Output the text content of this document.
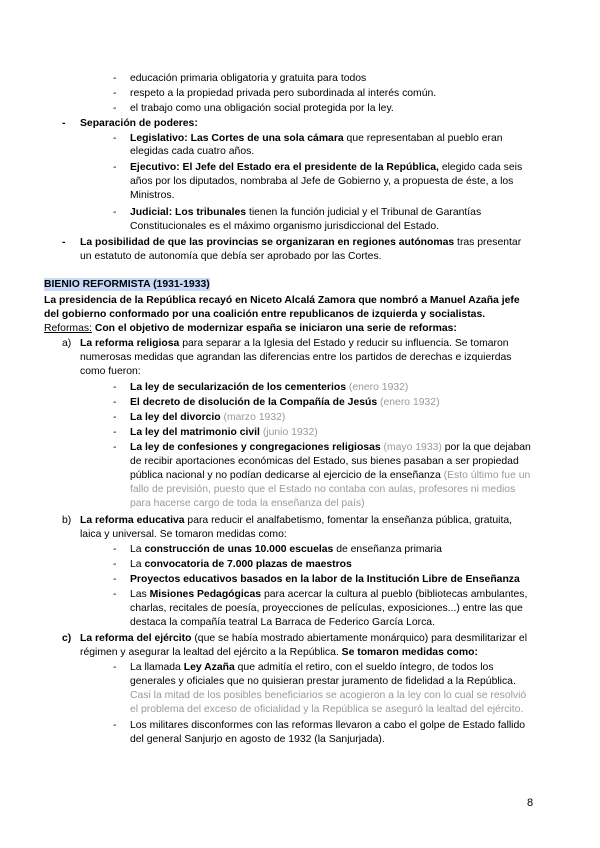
- educación primaria obligatoria y gratuita para todos
- respeto a la propiedad privada pero subordinada al interés común.
- el trabajo como una obligación social protegida por la ley.
- Separación de poderes:
- Legislativo: Las Cortes de una sola cámara que representaban al pueblo eran
elegidas cada cuatro años.
- Ejecutivo: El Jefe del Estado era el presidente de la República, elegido cada seis
años por los diputados, nombraba al Jefe de Gobierno y, a propuesta de éste, a los
Ministros.
- Judicial: Los tribunales tienen la función judicial y el Tribunal de Garantías
Constitucionales es el máximo organismo jurisdiccional del Estado.
- La posibilidad de que las provincias se organizaran en regiones autónomas tras presentar
un estatuto de autonomía que debía ser aprobado por las Cortes.
BIENIO REFORMISTA (1931-1933)
La presidencia de la República recayó en Niceto Alcalá Zamora que nombró a Manuel Azaña jefe
del gobierno conformado por una coalición entre republicanos de izquierda y socialistas.
Reformas: Con el objetivo de modernizar españa se iniciaron una serie de reformas:
a) La reforma religiosa para separar a la Iglesia del Estado y reducir su influencia. Se tomaron
numerosas medidas que agrandan las diferencias entre los partidos de derechas e izquierdas
como fueron:
- La ley de secularización de los cementerios (enero 1932)
- El decreto de disolución de la Compañía de Jesús (enero 1932)
- La ley del divorcio (marzo 1932)
- La ley del matrimonio civil (junio 1932)
- La ley de confesiones y congregaciones religiosas (mayo 1933) por la que dejaban
de recibir aportaciones económicas del Estado, sus bienes pasaban a ser propiedad
pública nacional y no podían dedicarse al ejercicio de la enseñanza (Esto último fue un
fallo de previsión, puesto que el Estado no contaba con aulas, profesores ni medios
para hacerse cargo de toda la enseñanza del país)
b) La reforma educativa para reducir el analfabetismo, fomentar la enseñanza pública, gratuita,
laica y universal. Se tomaron medidas como:
- La construcción de unas 10.000 escuelas de enseñanza primaria
- La convocatoria de 7.000 plazas de maestros
- Proyectos educativos basados en la labor de la Institución Libre de Enseñanza
- Las Misiones Pedagógicas para acercar la cultura al pueblo (bibliotecas ambulantes,
charlas, recitales de poesía, proyecciones de películas, exposiciones...) entre las que
destaca la compañía teatral La Barraca de Federico García Lorca.
c) La reforma del ejército (que se había mostrado abiertamente monárquico) para desmilitarizar el
régimen y asegurar la lealtad del ejército a la República. Se tomaron medidas como:
- La llamada Ley Azaña que admitía el retiro, con el sueldo íntegro, de todos los
generales y oficiales que no quisieran prestar juramento de fidelidad a la República.
Casi la mitad de los posibles beneficiarios se acogieron a la ley con lo cual se resolvió
el problema del exceso de oficialidad y la República se aseguró la lealtad del ejército.
- Los militares disconformes con las reformas llevaron a cabo el golpe de Estado fallido
del general Sanjurjo en agosto de 1932 (la Sanjurjada).
8
